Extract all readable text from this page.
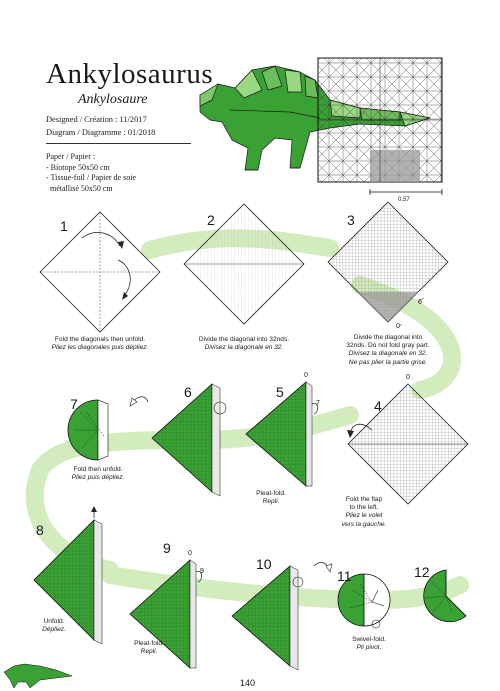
Ankylosaurus
Ankylosaure
Designed / Création : 11/2017
Diagram / Diagramme : 01/2018
Paper / Papier :
- Biotope 50x50 cm
- Tissue-foil / Papier de soie
métallisé 50x50 cm
0.57
1	2	3
4
5
6
7
8
9
10
11	12
6
0
0
0
7
0
9
Fold the diagonals then unfold.
Pliez les diagonales puis dépliez.
Divide the diagonal into 32nds.
Divisez la diagonale en 32.
Divide the diagonal into
32nds. Do not fold gray part.
Divisez la diagonale en 32.
Ne pas plier la partie grise.
Fold the flap
to the left.
Pliez le volet
vers la gauche.
Pleat-fold.
Repli.
Fold then unfold.
Pliez puis dépliez.
Unfold.
Dépliez.
Pleat-fold.
Repli.
Swivel-fold.
Pli pivot.
140
